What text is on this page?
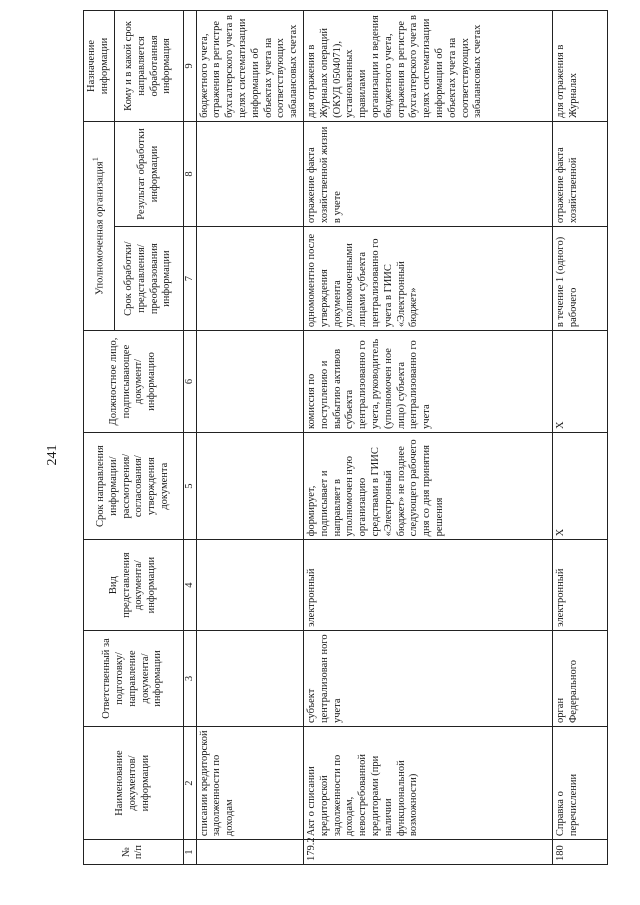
241
№ п/п	Наименование документов/ информации	Ответственный за подготовку/ направление документа/ информации	Вид представления документа/ информации	Срок направления информации/ рассмотрения/ согласования/ утверждения документа	Должностное лицо, подписывающее документ/ информацию	Уполномоченная организация$^1$		Назначение информации
						Срок обработки/ представления/ преобразования информации	Результат обработки информации	Кому и в какой срок направляется обработанная информация
1	2	3	4	5	6	7	8	9
	списании кредиторской задолженности по доходам							бюджетного учета, отражения в регистре бухгалтерского учета в целях систематизации информации об объектах учета на соответствующих забалансовых счетах
179.2	Акт о списании кредиторской задолженности по доходам, невостребованной кредиторами (при наличии функциональной возможности)	субъект централизован ного учета	электронный	формирует, подписывает и направляет в уполномочен ную организацию средствами в ГИИС «Электронный бюджет» не позднее следующего рабочего дня со дня принятия решения	комиссия по поступлению и выбытию активов субъекта централизованно го учета, руководитель (уполномочен ное лицо) субъекта централизованно го учета	одномоментно после утверждения документа уполномоченными лицами субъекта централизованно го учета в ГИИС «Электронный бюджет»	отражение факта хозяйственной жизни в учете	для отражения в Журналах операций (ОКУД 0504071), установленных правилами организации и ведения бюджетного учета, отражения в регистре бухгалтерского учета в целях систематизации информации об объектах учета на соответствующих забалансовых счетах
180	Справка о перечислении	орган Федерального	электронный	Х	Х	в течение 1 (одного) рабочего	отражение факта хозяйственной	для отражения в Журналах
